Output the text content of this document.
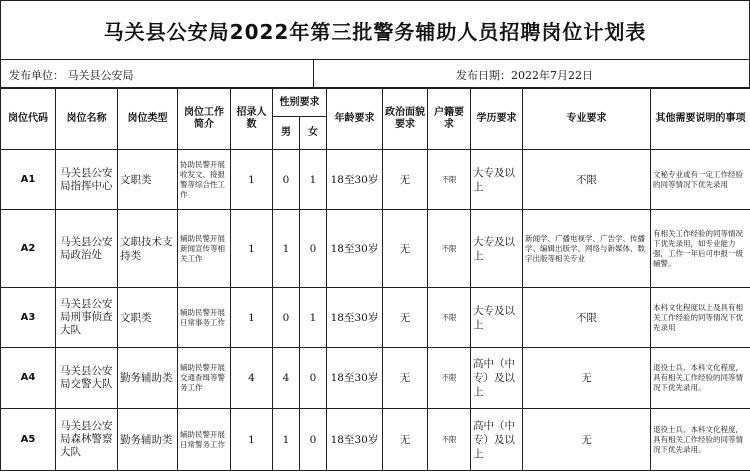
马关县公安局2022年第三批警务辅助人员招聘岗位计划表
发布单位： 马关县公安局	发布日期：2022年7月22日
岗位代码	岗位名称	岗位类型	岗位工作简介	招录人数	性别要求		年龄要求	政治面貌要求	户籍要求	学历要求	专业要求	其他需要说明的事项
					男	女						
A1	马关县公安局指挥中心	文职类	协助民警开展收发文、接报警等综合性工作	1	0	1	18至30岁	无	不限	大专及以上	不限	文秘专业或有一定工作经验的同等情况下优先录用
A2	马关县公安局政治处	文职技术支持类	辅助民警开展新闻宣传等相关工作	1	1	0	18至30岁	无	不限	大专及以上	新闻学、广播电视学、广告学、传播学、编辑出版学、网络与新媒体、数字出版等相关专业	有相关工作经验的同等情况下优先录用，如专业能力强，工作一年后可申报一级辅警。
A3	马关县公安局刑事侦查大队	文职类	辅助民警开展日常事务工作	1	0	1	18至30岁	无	不限	大专及以上	不限	本科文化程度以上及具有相关工作经验的同等情况下优先录用
A4	马关县公安局交警大队	勤务辅助类	辅助民警开展交通查缉等警务工作	4	4	0	18至30岁	无	不限	高中（中专）及以上	无	退役士兵、本科文化程度，具有相关工作经验的同等情况下优先录用。
A5	马关县公安局森林警察大队	勤务辅助类	辅助民警开展日常警务工作	1	1	0	18至30岁	无	不限	高中（中专）及以上	无	退役士兵、本科文化程度，具有相关工作经验的同等情况下优先录用。
